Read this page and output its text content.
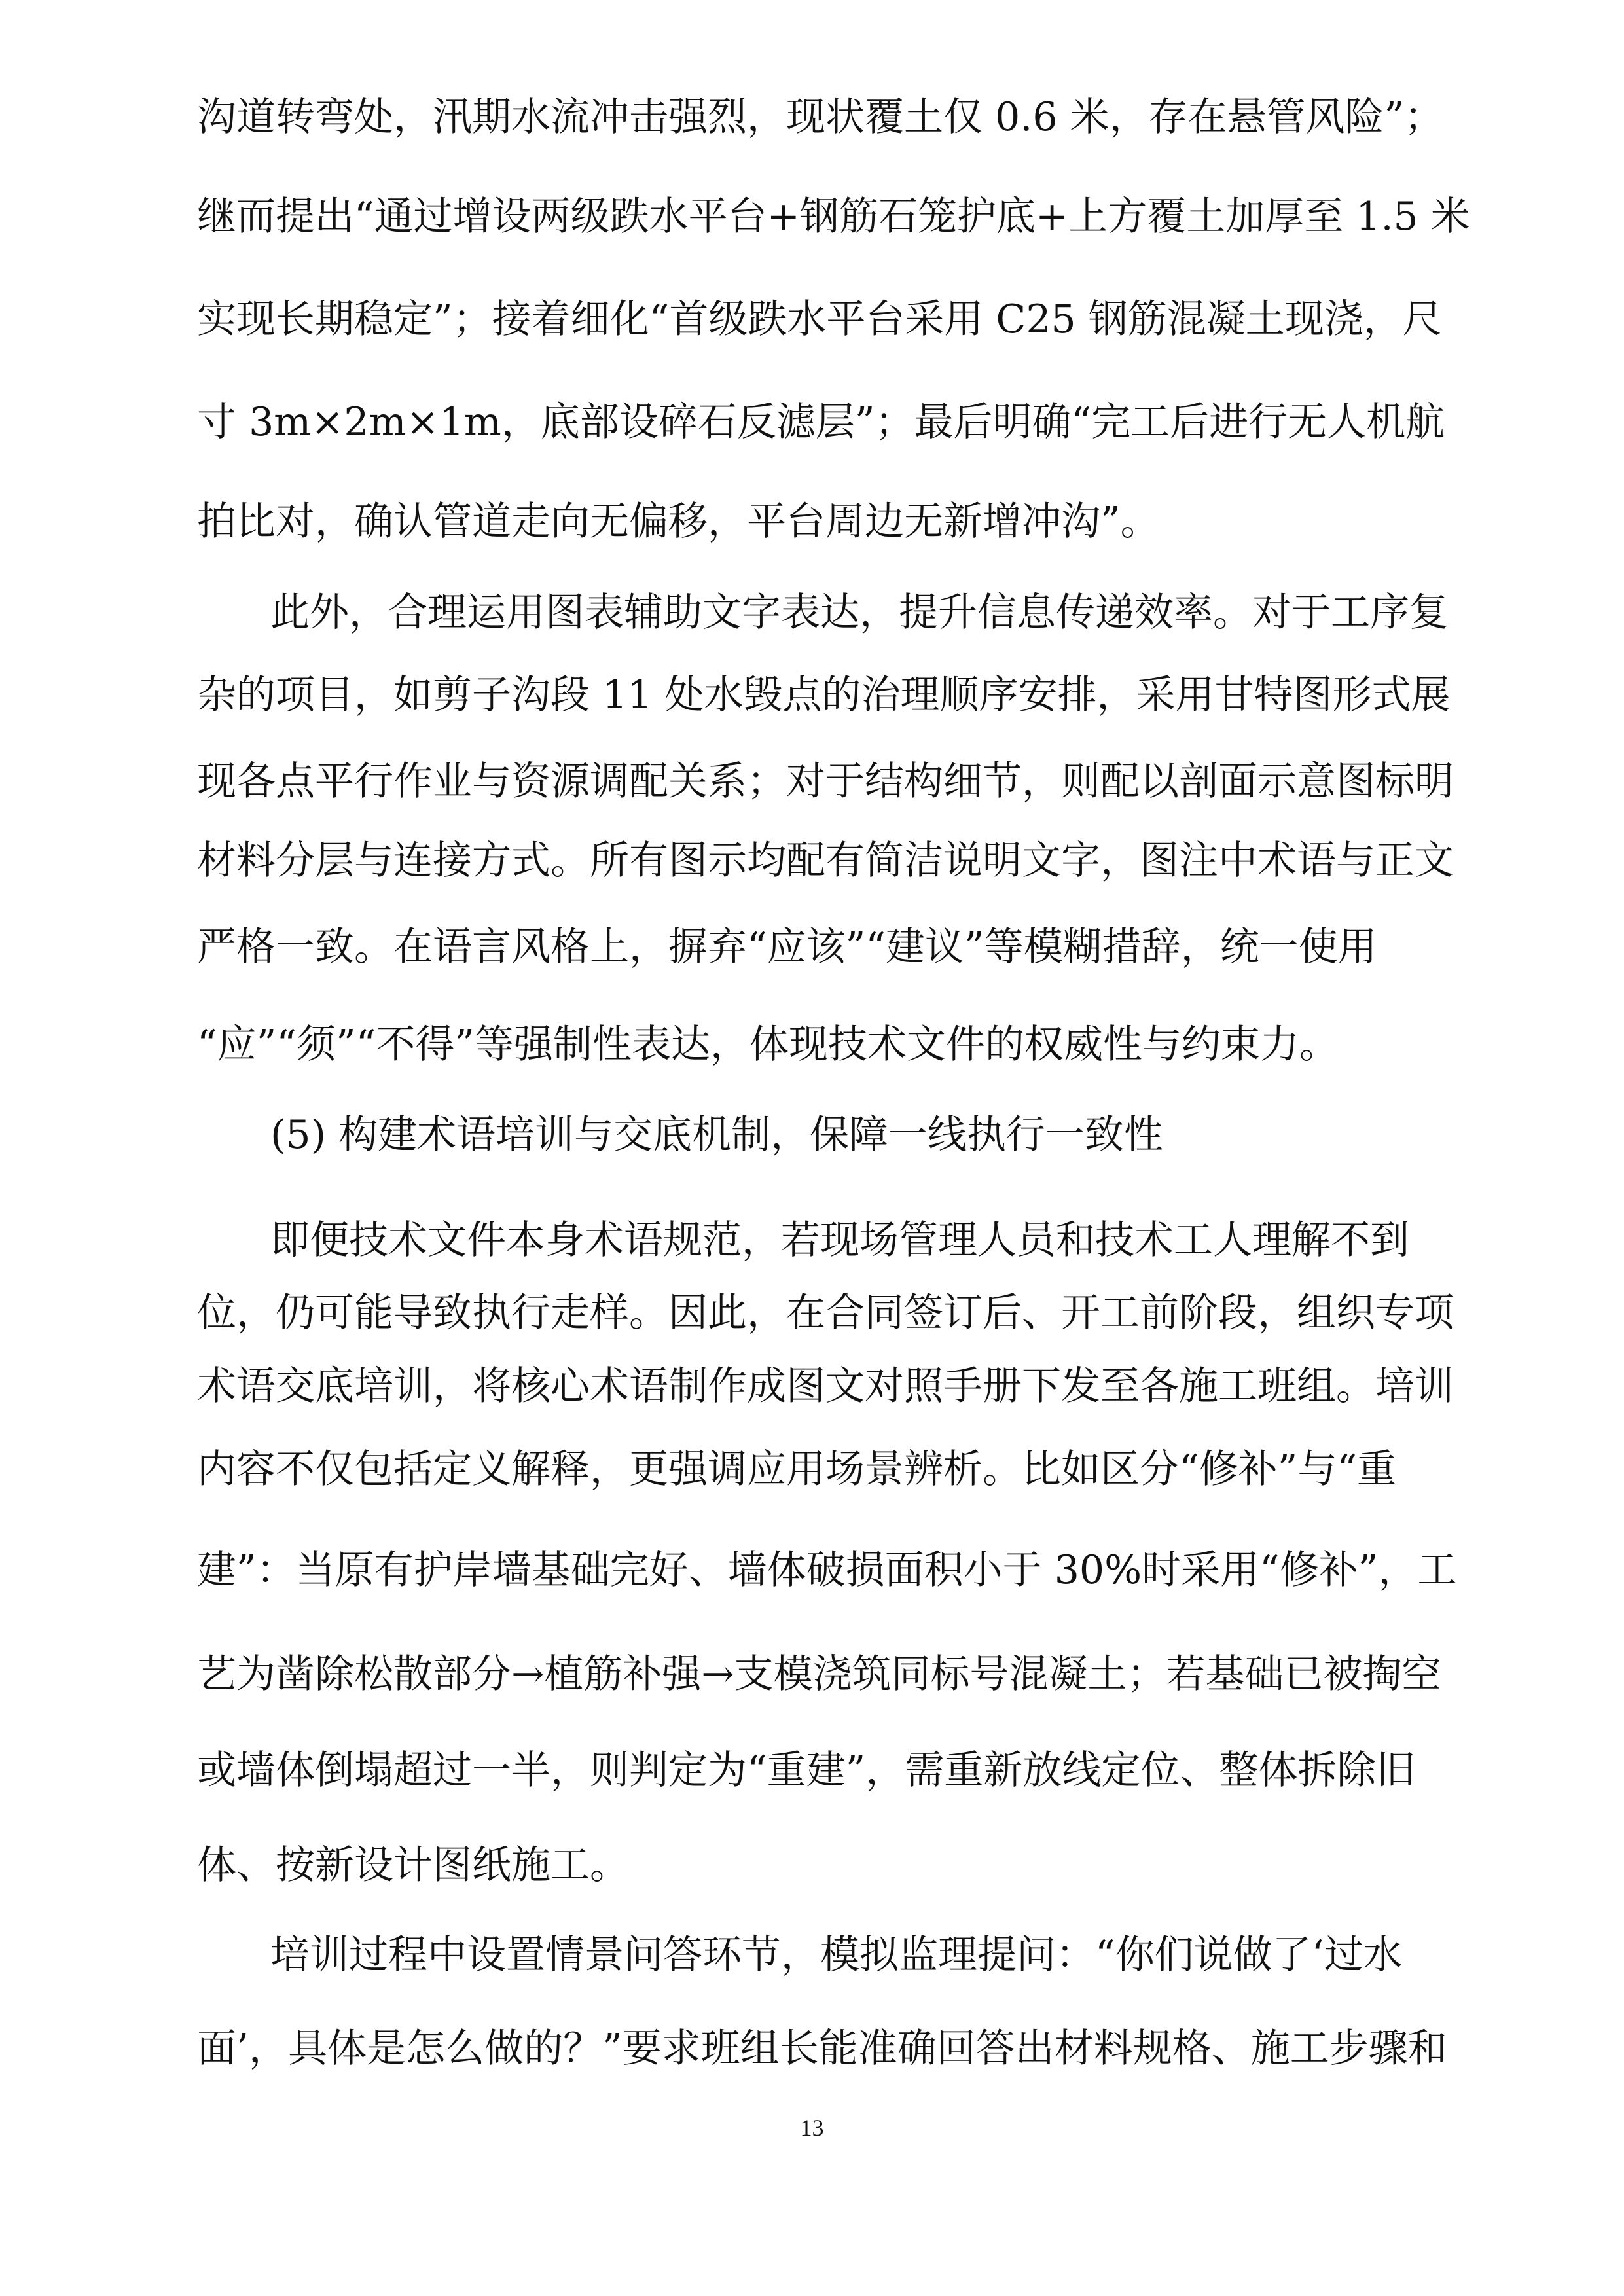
沟道转弯处，汛期水流冲击强烈，现状覆土仅 0.6 米，存在悬管风险”；
继而提出“通过增设两级跌水平台+钢筋石笼护底+上方覆土加厚至 1.5 米
实现长期稳定”；接着细化“首级跌水平台采用 C25 钢筋混凝土现浇，尺
寸 3m×2m×1m，底部设碎石反滤层”；最后明确“完工后进行无人机航
拍比对，确认管道走向无偏移，平台周边无新增冲沟”。
此外，合理运用图表辅助文字表达，提升信息传递效率。对于工序复
杂的项目，如剪子沟段 11 处水毁点的治理顺序安排，采用甘特图形式展
现各点平行作业与资源调配关系；对于结构细节，则配以剖面示意图标明
材料分层与连接方式。所有图示均配有简洁说明文字，图注中术语与正文
严格一致。在语言风格上，摒弃“应该”“建议”等模糊措辞，统一使用
“应”“须”“不得”等强制性表达，体现技术文件的权威性与约束力。
(5) 构建术语培训与交底机制，保障一线执行一致性
即便技术文件本身术语规范，若现场管理人员和技术工人理解不到
位，仍可能导致执行走样。因此，在合同签订后、开工前阶段，组织专项
术语交底培训，将核心术语制作成图文对照手册下发至各施工班组。培训
内容不仅包括定义解释，更强调应用场景辨析。比如区分“修补”与“重
建”：当原有护岸墙基础完好、墙体破损面积小于 30%时采用“修补”，工
艺为凿除松散部分→植筋补强→支模浇筑同标号混凝土；若基础已被掏空
或墙体倒塌超过一半，则判定为“重建”，需重新放线定位、整体拆除旧
体、按新设计图纸施工。
培训过程中设置情景问答环节，模拟监理提问：“你们说做了‘过水
面’，具体是怎么做的？”要求班组长能准确回答出材料规格、施工步骤和
13
